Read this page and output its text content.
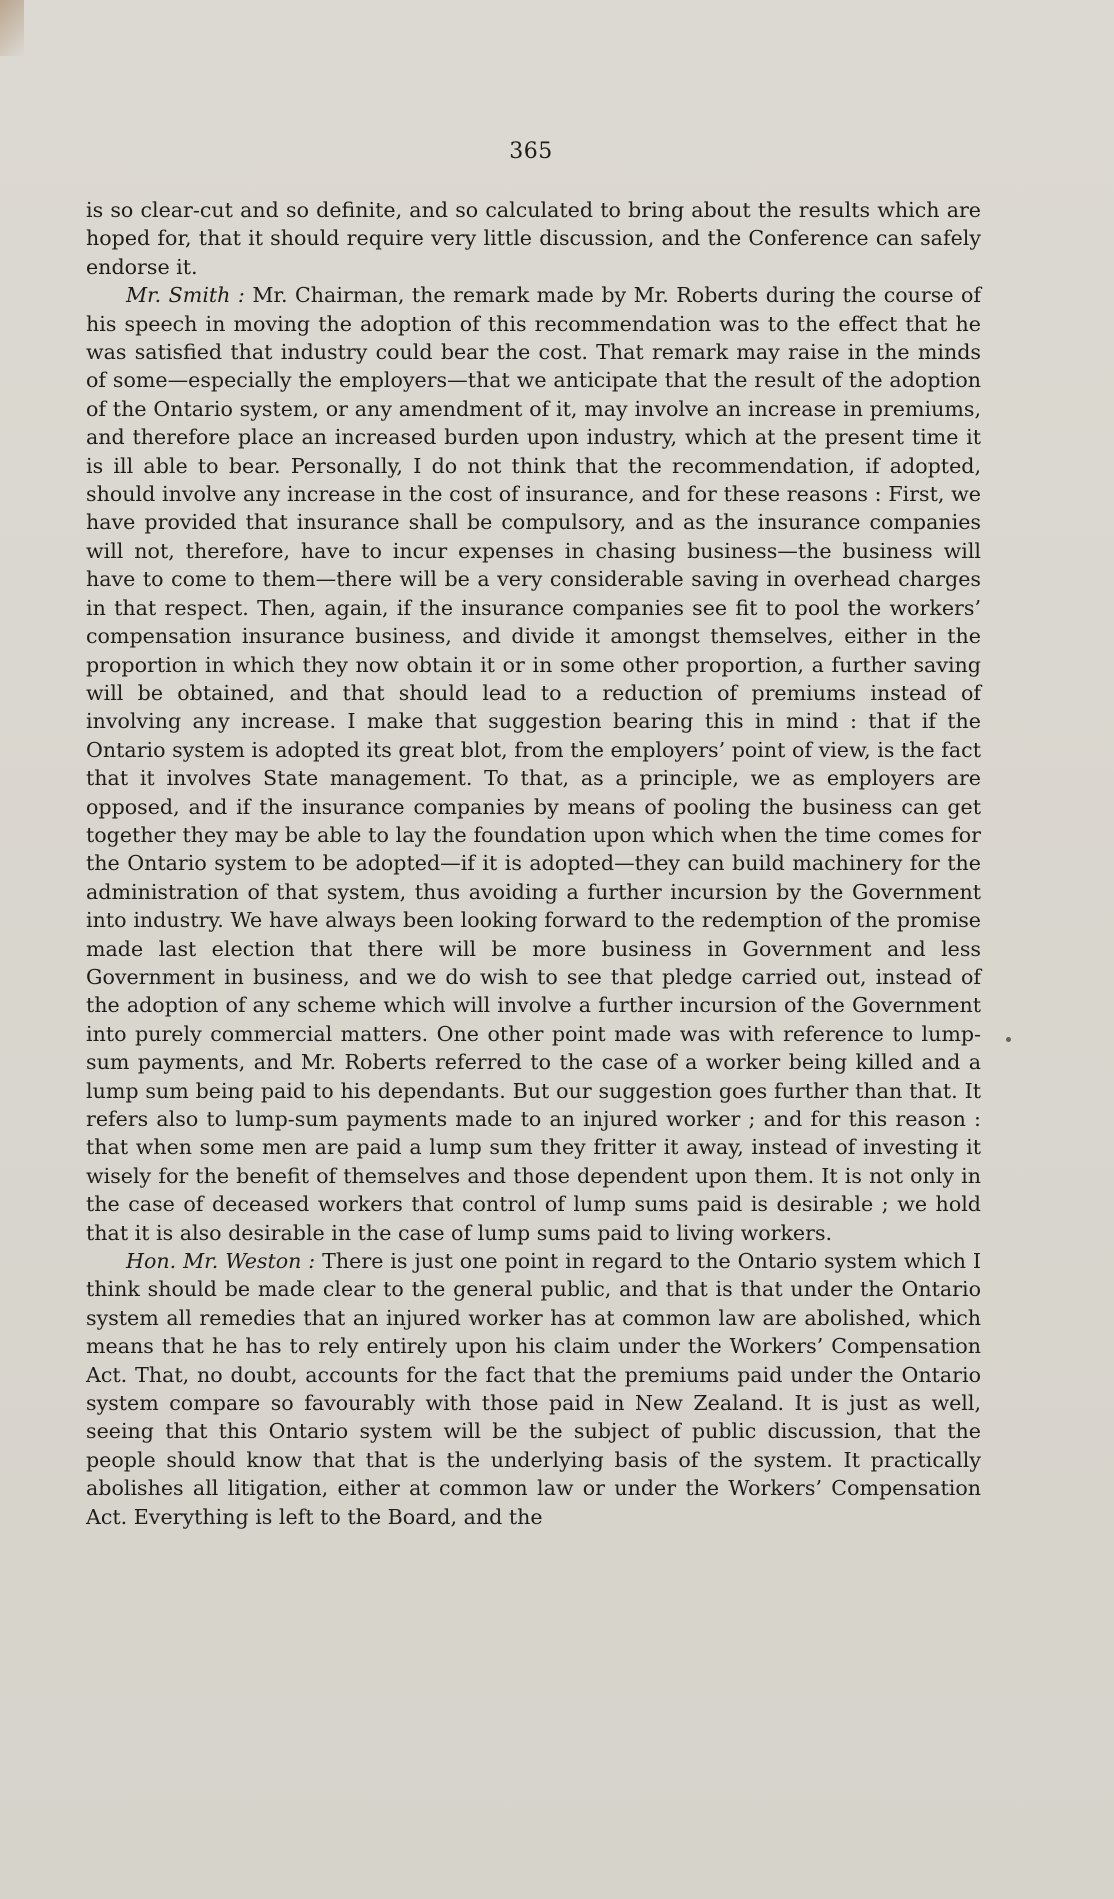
365

is so clear-cut and so definite, and so calculated to bring about the results which are hoped for, that it should require very little discussion, and the Conference can safely endorse it.

Mr. Smith : Mr. Chairman, the remark made by Mr. Roberts during the course of his speech in moving the adoption of this recommendation was to the effect that he was satisfied that industry could bear the cost. That remark may raise in the minds of some—especially the employers—that we anticipate that the result of the adoption of the Ontario system, or any amendment of it, may involve an increase in premiums, and therefore place an increased burden upon industry, which at the present time it is ill able to bear. Personally, I do not think that the recommendation, if adopted, should involve any increase in the cost of insurance, and for these reasons : First, we have provided that insurance shall be compulsory, and as the insurance companies will not, therefore, have to incur expenses in chasing business—the business will have to come to them—there will be a very considerable saving in overhead charges in that respect. Then, again, if the insurance companies see fit to pool the workers’ compensation insurance business, and divide it amongst themselves, either in the proportion in which they now obtain it or in some other proportion, a further saving will be obtained, and that should lead to a reduction of premiums instead of involving any increase. I make that suggestion bearing this in mind : that if the Ontario system is adopted its great blot, from the employers’ point of view, is the fact that it involves State management. To that, as a principle, we as employers are opposed, and if the insurance companies by means of pooling the business can get together they may be able to lay the foundation upon which when the time comes for the Ontario system to be adopted—if it is adopted—they can build machinery for the administration of that system, thus avoiding a further incursion by the Government into industry. We have always been looking forward to the redemption of the promise made last election that there will be more business in Government and less Government in business, and we do wish to see that pledge carried out, instead of the adoption of any scheme which will involve a further incursion of the Government into purely commercial matters. One other point made was with reference to lump-sum payments, and Mr. Roberts referred to the case of a worker being killed and a lump sum being paid to his dependants. But our suggestion goes further than that. It refers also to lump-sum payments made to an injured worker ; and for this reason : that when some men are paid a lump sum they fritter it away, instead of investing it wisely for the benefit of themselves and those dependent upon them. It is not only in the case of deceased workers that control of lump sums paid is desirable ; we hold that it is also desirable in the case of lump sums paid to living workers.

Hon. Mr. Weston : There is just one point in regard to the Ontario system which I think should be made clear to the general public, and that is that under the Ontario system all remedies that an injured worker has at common law are abolished, which means that he has to rely entirely upon his claim under the Workers’ Compensation Act. That, no doubt, accounts for the fact that the premiums paid under the Ontario system compare so favourably with those paid in New Zealand. It is just as well, seeing that this Ontario system will be the subject of public discussion, that the people should know that that is the underlying basis of the system. It practically abolishes all litigation, either at common law or under the Workers’ Compensation Act. Everything is left to the Board, and the
